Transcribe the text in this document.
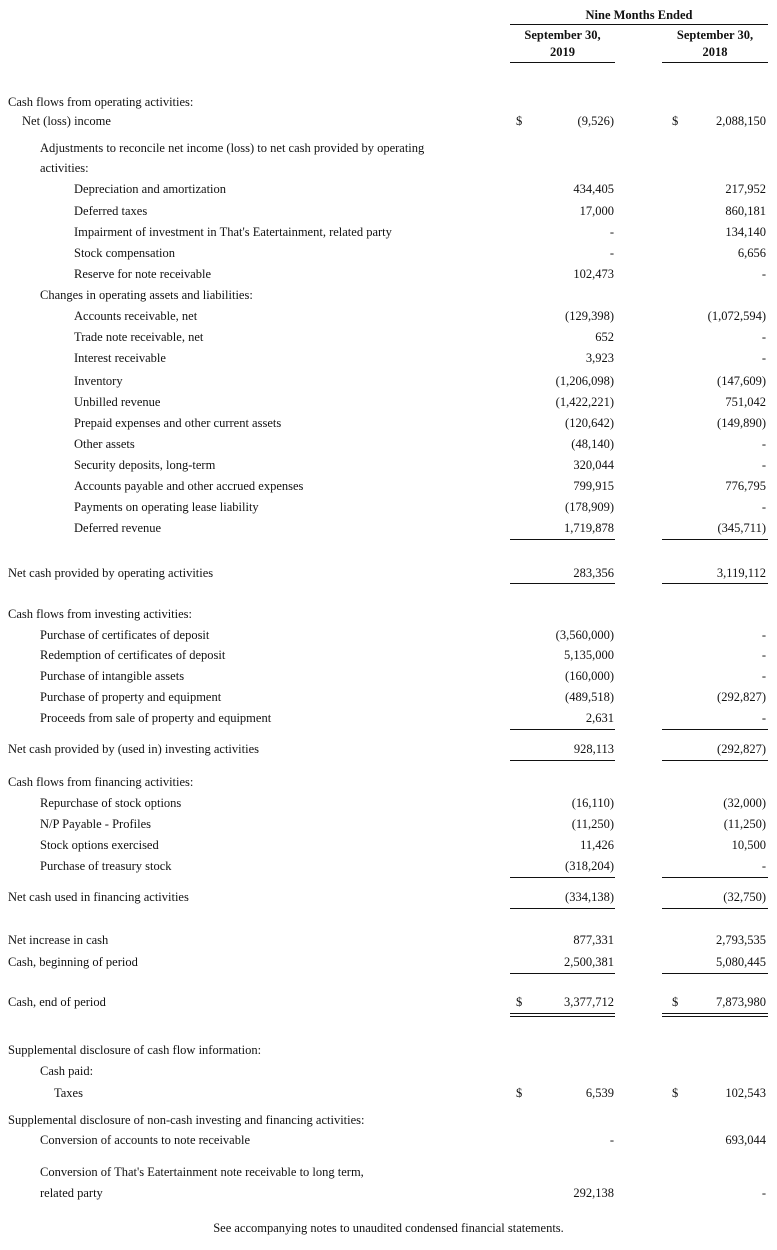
Nine Months Ended
September 30,
2019
September 30,
2018
Cash flows from operating activities:
Net (loss) income	$	(9,526)	$	2,088,150
Adjustments to reconcile net income (loss) to net cash provided by operating
activities:
Depreciation and amortization	434,405	217,952
Deferred taxes	17,000	860,181
Impairment of investment in That's Eatertainment, related party	-	134,140
Stock compensation	-	6,656
Reserve for note receivable	102,473	-
Changes in operating assets and liabilities:
Accounts receivable, net	(129,398)	(1,072,594)
Trade note receivable, net	652	-
Interest receivable	3,923	-
Inventory	(1,206,098)	(147,609)
Unbilled revenue	(1,422,221)	751,042
Prepaid expenses and other current assets	(120,642)	(149,890)
Other assets	(48,140)	-
Security deposits, long-term	320,044	-
Accounts payable and other accrued expenses	799,915	776,795
Payments on operating lease liability	(178,909)	-
Deferred revenue	1,719,878	(345,711)
Net cash provided by operating activities	283,356	3,119,112
Cash flows from investing activities:
Purchase of certificates of deposit	(3,560,000)	-
Redemption of certificates of deposit	5,135,000	-
Purchase of intangible assets	(160,000)	-
Purchase of property and equipment	(489,518)	(292,827)
Proceeds from sale of property and equipment	2,631	-
Net cash provided by (used in) investing activities	928,113	(292,827)
Cash flows from financing activities:
Repurchase of stock options	(16,110)	(32,000)
N/P Payable - Profiles	(11,250)	(11,250)
Stock options exercised	11,426	10,500
Purchase of treasury stock	(318,204)	-
Net cash used in financing activities	(334,138)	(32,750)
Net increase in cash	877,331	2,793,535
Cash, beginning of period	2,500,381	5,080,445
Cash, end of period	$	3,377,712	$	7,873,980
Supplemental disclosure of cash flow information:
Cash paid:
Taxes	$	6,539	$	102,543
Supplemental disclosure of non-cash investing and financing activities:
Conversion of accounts to note receivable	-	693,044
Conversion of That's Eatertainment note receivable to long term,
related party	292,138	-
See accompanying notes to unaudited condensed financial statements.
